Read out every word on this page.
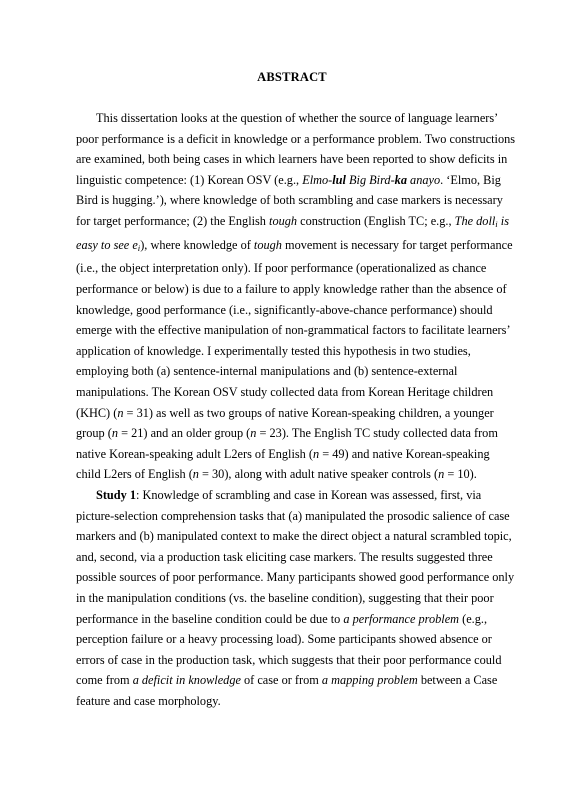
ABSTRACT

This dissertation looks at the question of whether the source of language learners’ poor performance is a deficit in knowledge or a performance problem. Two constructions are examined, both being cases in which learners have been reported to show deficits in linguistic competence: (1) Korean OSV (e.g., Elmo-lul Big Bird-ka anayo. ‘Elmo, Big Bird is hugging.’), where knowledge of both scrambling and case markers is necessary for target performance; (2) the English tough construction (English TC; e.g., The dolli is easy to see ei), where knowledge of tough movement is necessary for target performance (i.e., the object interpretation only). If poor performance (operationalized as chance performance or below) is due to a failure to apply knowledge rather than the absence of knowledge, good performance (i.e., significantly-above-chance performance) should emerge with the effective manipulation of non-grammatical factors to facilitate learners’ application of knowledge. I experimentally tested this hypothesis in two studies, employing both (a) sentence-internal manipulations and (b) sentence-external manipulations. The Korean OSV study collected data from Korean Heritage children (KHC) (n = 31) as well as two groups of native Korean-speaking children, a younger group (n = 21) and an older group (n = 23). The English TC study collected data from native Korean-speaking adult L2ers of English (n = 49) and native Korean-speaking child L2ers of English (n = 30), along with adult native speaker controls (n = 10).

Study 1: Knowledge of scrambling and case in Korean was assessed, first, via picture-selection comprehension tasks that (a) manipulated the prosodic salience of case markers and (b) manipulated context to make the direct object a natural scrambled topic, and, second, via a production task eliciting case markers. The results suggested three possible sources of poor performance. Many participants showed good performance only in the manipulation conditions (vs. the baseline condition), suggesting that their poor performance in the baseline condition could be due to a performance problem (e.g., perception failure or a heavy processing load). Some participants showed absence or errors of case in the production task, which suggests that their poor performance could come from a deficit in knowledge of case or from a mapping problem between a Case feature and case morphology.
